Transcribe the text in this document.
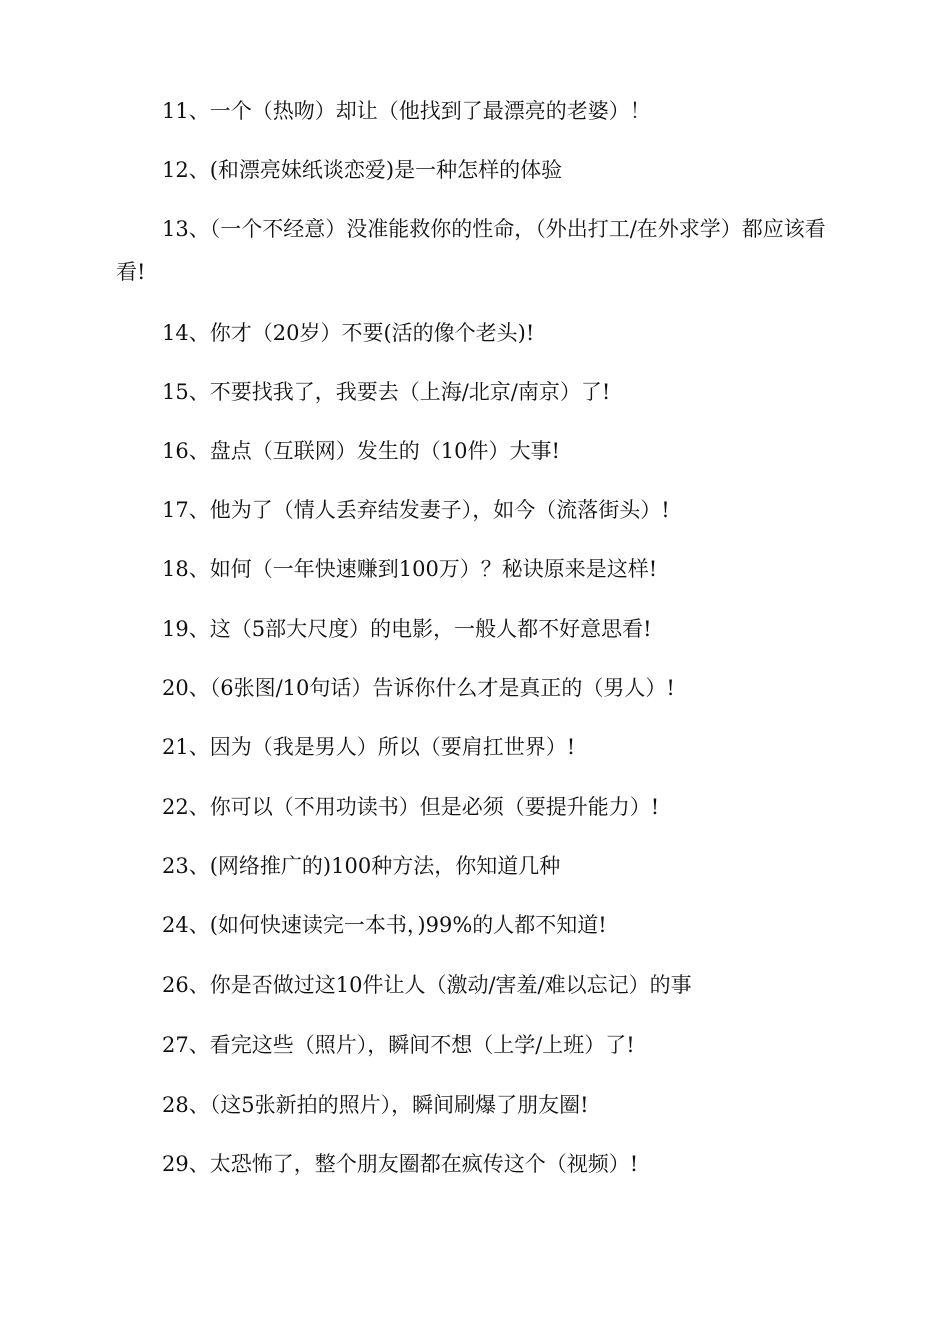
11、一个（热吻）却让（他找到了最漂亮的老婆）！
12、(和漂亮妹纸谈恋爱)是一种怎样的体验
13、（一个不经意）没准能救你的性命，（外出打工/在外求学）都应该看看!
14、你才（20岁）不要(活的像个老头)!
15、不要找我了，我要去（上海/北京/南京）了!
16、盘点（互联网）发生的（10件）大事!
17、他为了（情人丢弃结发妻子），如今（流落街头）!
18、如何（一年快速赚到100万）？秘诀原来是这样!
19、这（5部大尺度）的电影，一般人都不好意思看!
20、（6张图/10句话）告诉你什么才是真正的（男人）!
21、因为（我是男人）所以（要肩扛世界）!
22、你可以（不用功读书）但是必须（要提升能力）!
23、(网络推广的)100种方法，你知道几种
24、(如何快速读完一本书，)99%的人都不知道!
26、你是否做过这10件让人（激动/害羞/难以忘记）的事
27、看完这些（照片），瞬间不想（上学/上班）了!
28、（这5张新拍的照片），瞬间刷爆了朋友圈!
29、太恐怖了，整个朋友圈都在疯传这个（视频）!
